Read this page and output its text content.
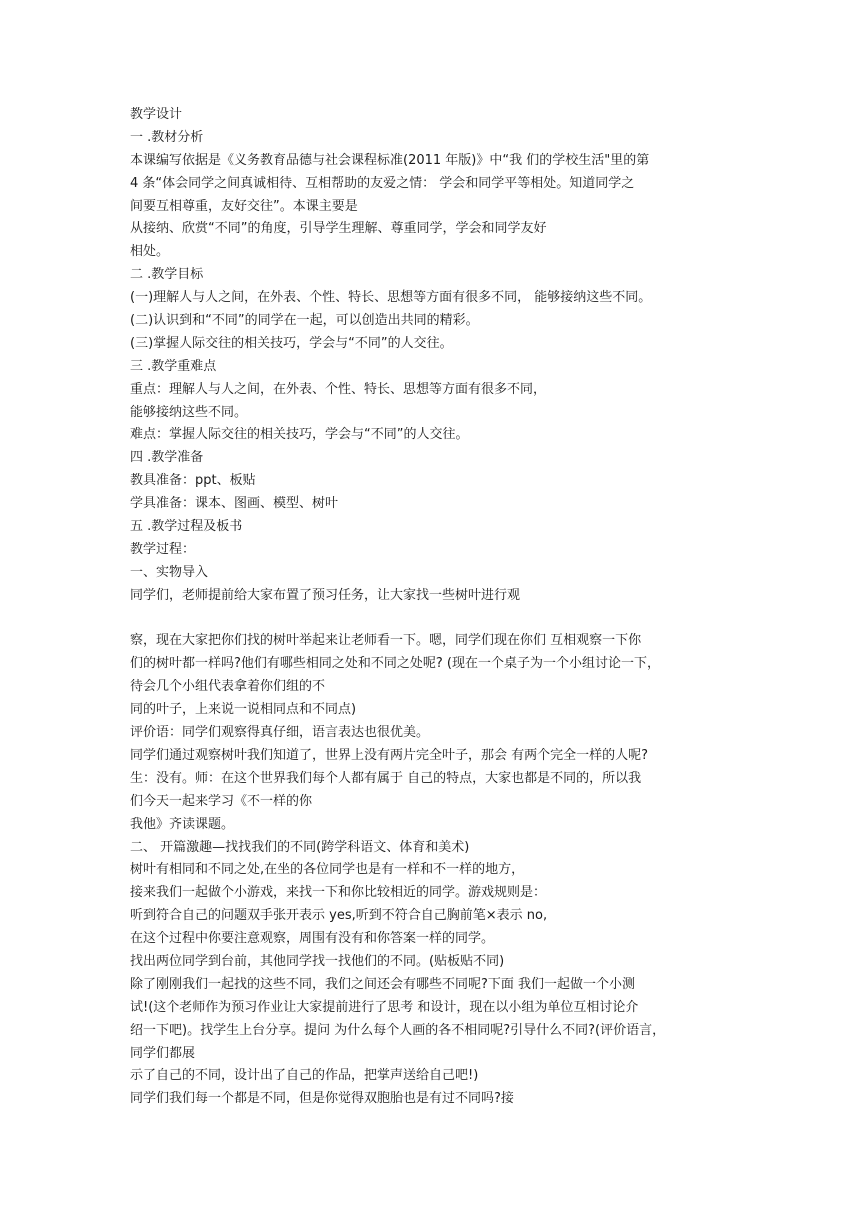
教学设计
一 .教材分析
本课编写依据是《义务教育品德与社会课程标准(2011 年版)》中“我 们的学校生活"里的第
4 条“体会同学之间真诚相待、互相帮助的友爱之情： 学会和同学平等相处。知道同学之
间要互相尊重，友好交往”。本课主要是
从接纳、欣赏“不同”的角度，引导学生理解、尊重同学，学会和同学友好
相处。
二 .教学目标
(一)理解人与人之间，在外表、个性、特长、思想等方面有很多不同， 能够接纳这些不同。
(二)认识到和“不同”的同学在一起，可以创造出共同的精彩。
(三)掌握人际交往的相关技巧，学会与“不同”的人交往。
三 .教学重难点
重点：理解人与人之间，在外表、个性、特长、思想等方面有很多不同，
能够接纳这些不同。
难点：掌握人际交往的相关技巧，学会与“不同”的人交往。
四 .教学准备
教具准备：ppt、板贴
学具准备：课本、图画、模型、树叶
五 .教学过程及板书
教学过程：
一、实物导入
同学们，老师提前给大家布置了预习任务，让大家找一些树叶进行观
察，现在大家把你们找的树叶举起来让老师看一下。嗯，同学们现在你们 互相观察一下你
们的树叶都一样吗?他们有哪些相同之处和不同之处呢? (现在一个桌子为一个小组讨论一下，
待会几个小组代表拿着你们组的不
同的叶子，上来说一说相同点和不同点)
评价语：同学们观察得真仔细，语言表达也很优美。
同学们通过观察树叶我们知道了，世界上没有两片完全叶子，那会 有两个完全一样的人呢?
生：没有。师：在这个世界我们每个人都有属于 自己的特点，大家也都是不同的，所以我
们今天一起来学习《不一样的你
我他》齐读课题。
二、 开篇激趣—找找我们的不同(跨学科语文、体育和美术)
树叶有相同和不同之处,在坐的各位同学也是有一样和不一样的地方，
接来我们一起做个小游戏，来找一下和你比较相近的同学。游戏规则是：
听到符合自己的问题双手张开表示 yes,听到不符合自己胸前笔×表示 no,
在这个过程中你要注意观察，周围有没有和你答案一样的同学。
找出两位同学到台前，其他同学找一找他们的不同。(贴板贴不同)
除了刚刚我们一起找的这些不同，我们之间还会有哪些不同呢?下面 我们一起做一个小测
试!(这个老师作为预习作业让大家提前进行了思考 和设计，现在以小组为单位互相讨论介
绍一下吧)。找学生上台分享。提问 为什么每个人画的各不相同呢?引导什么不同?(评价语言，
同学们都展
示了自己的不同，设计出了自己的作品，把掌声送给自己吧!)
同学们我们每一个都是不同，但是你觉得双胞胎也是有过不同吗?接
